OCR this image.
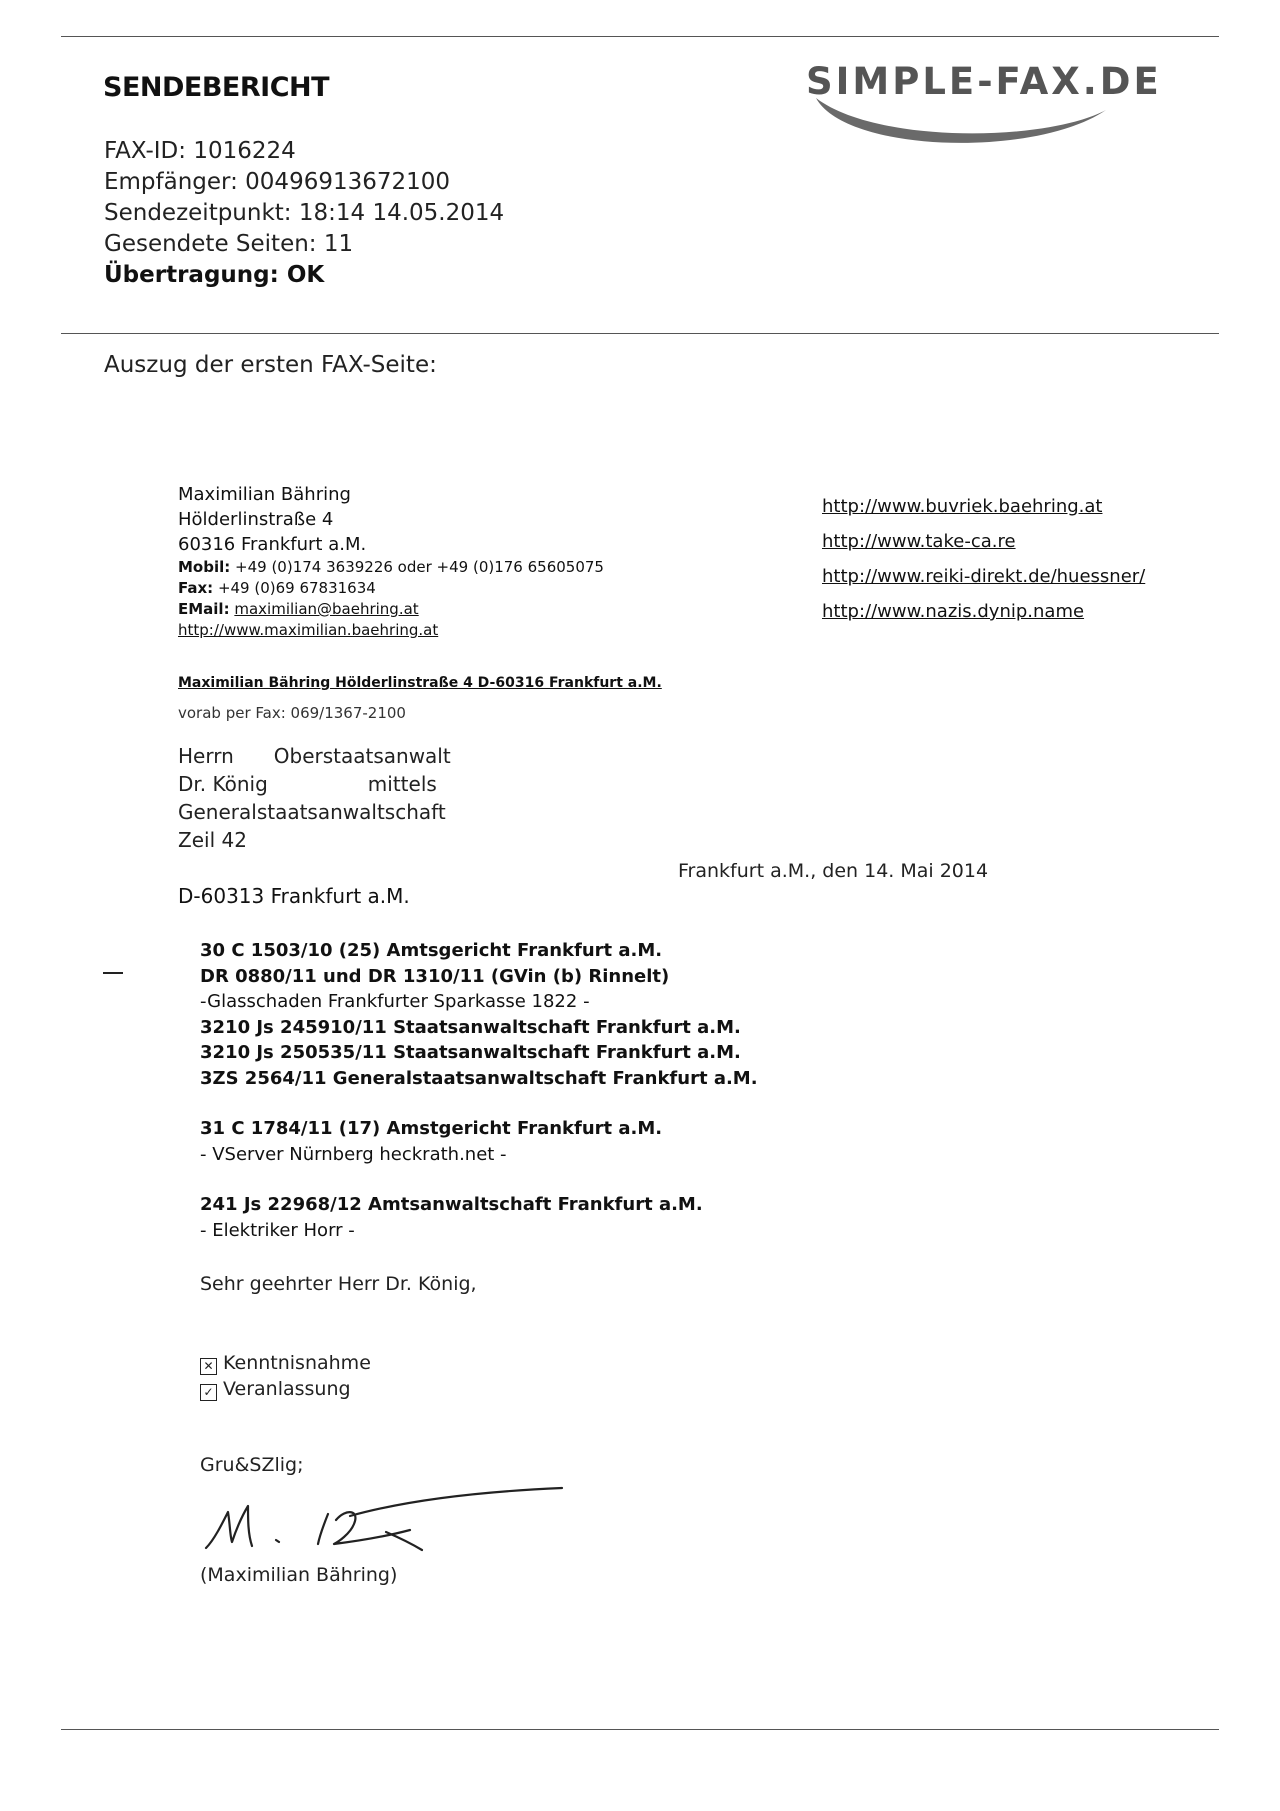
SENDEBERICHT	SIMPLE-FAX.DE
FAX-ID: 1016224
Empfänger: 00496913672100
Sendezeitpunkt: 18:14 14.05.2014
Gesendete Seiten: 11
Übertragung: OK
Auszug der ersten FAX-Seite:
Maximilian Bähring
Hölderlinstraße 4
60316 Frankfurt a.M.
Mobil: +49 (0)174 3639226 oder +49 (0)176 65605075
Fax: +49 (0)69 67831634
EMail: maximilian@baehring.at
http://www.maximilian.baehring.at
http://www.buvriek.baehring.at
http://www.take-ca.re
http://www.reiki-direkt.de/huessner/
http://www.nazis.dynip.name
Maximilian Bähring Hölderlinstraße 4 D-60316 Frankfurt a.M.
vorab per Fax: 069/1367-2100
Herrn Oberstaatsanwalt
Dr. König	mittels
Generalstaatsanwaltschaft
Zeil 42
Frankfurt a.M., den 14. Mai 2014
D-60313 Frankfurt a.M.
30 C 1503/10 (25) Amtsgericht Frankfurt a.M.
DR 0880/11 und DR 1310/11 (GVin (b) Rinnelt)
-Glasschaden Frankfurter Sparkasse 1822 -
3210 Js 245910/11 Staatsanwaltschaft Frankfurt a.M.
3210 Js 250535/11 Staatsanwaltschaft Frankfurt a.M.
3ZS 2564/11 Generalstaatsanwaltschaft Frankfurt a.M.
31 C 1784/11 (17) Amstgericht Frankfurt a.M.
- VServer Nürnberg heckrath.net -
241 Js 22968/12 Amtsanwaltschaft Frankfurt a.M.
- Elektriker Horr -
Sehr geehrter Herr Dr. König,
✕ Kenntnisnahme
✓ Veranlassung
Gru&SZlig;
(Maximilian Bähring)
